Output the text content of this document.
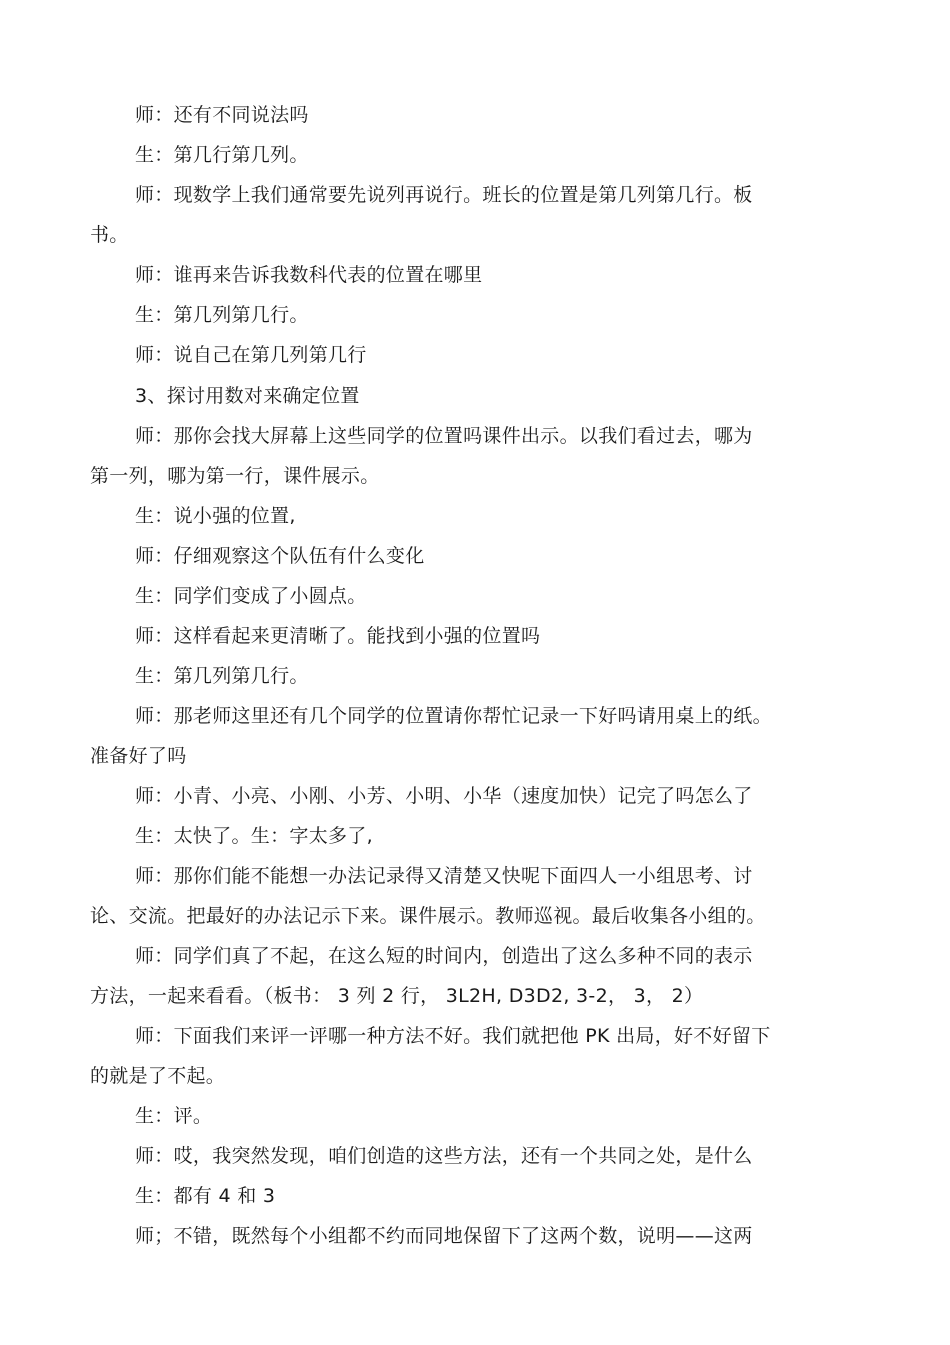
师：还有不同说法吗
生：第几行第几列。
师：现数学上我们通常要先说列再说行。班长的位置是第几列第几行。板
书。
师：谁再来告诉我数科代表的位置在哪里
生：第几列第几行。
师：说自己在第几列第几行
3、探讨用数对来确定位置
师：那你会找大屏幕上这些同学的位置吗课件出示。以我们看过去，哪为
第一列，哪为第一行，课件展示。
生：说小强的位置,
师：仔细观察这个队伍有什么变化
生：同学们变成了小圆点。
师：这样看起来更清晰了。能找到小强的位置吗
生：第几列第几行。
师：那老师这里还有几个同学的位置请你帮忙记录一下好吗请用桌上的纸。
准备好了吗
师：小青、小亮、小刚、小芳、小明、小华（速度加快）记完了吗怎么了
生：太快了。生：字太多了,
师：那你们能不能想一办法记录得又清楚又快呢下面四人一小组思考、讨
论、交流。把最好的办法记示下来。课件展示。教师巡视。最后收集各小组的。
师：同学们真了不起，在这么短的时间内，创造出了这么多种不同的表示
方法，一起来看看。（板书： 3 列 2 行， 3L2H, D3D2, 3-2， 3， 2）
师：下面我们来评一评哪一种方法不好。我们就把他 PK 出局，好不好留下
的就是了不起。
生：评。
师：哎，我突然发现，咱们创造的这些方法，还有一个共同之处，是什么
生：都有 4 和 3
师；不错，既然每个小组都不约而同地保留下了这两个数，说明——这两
